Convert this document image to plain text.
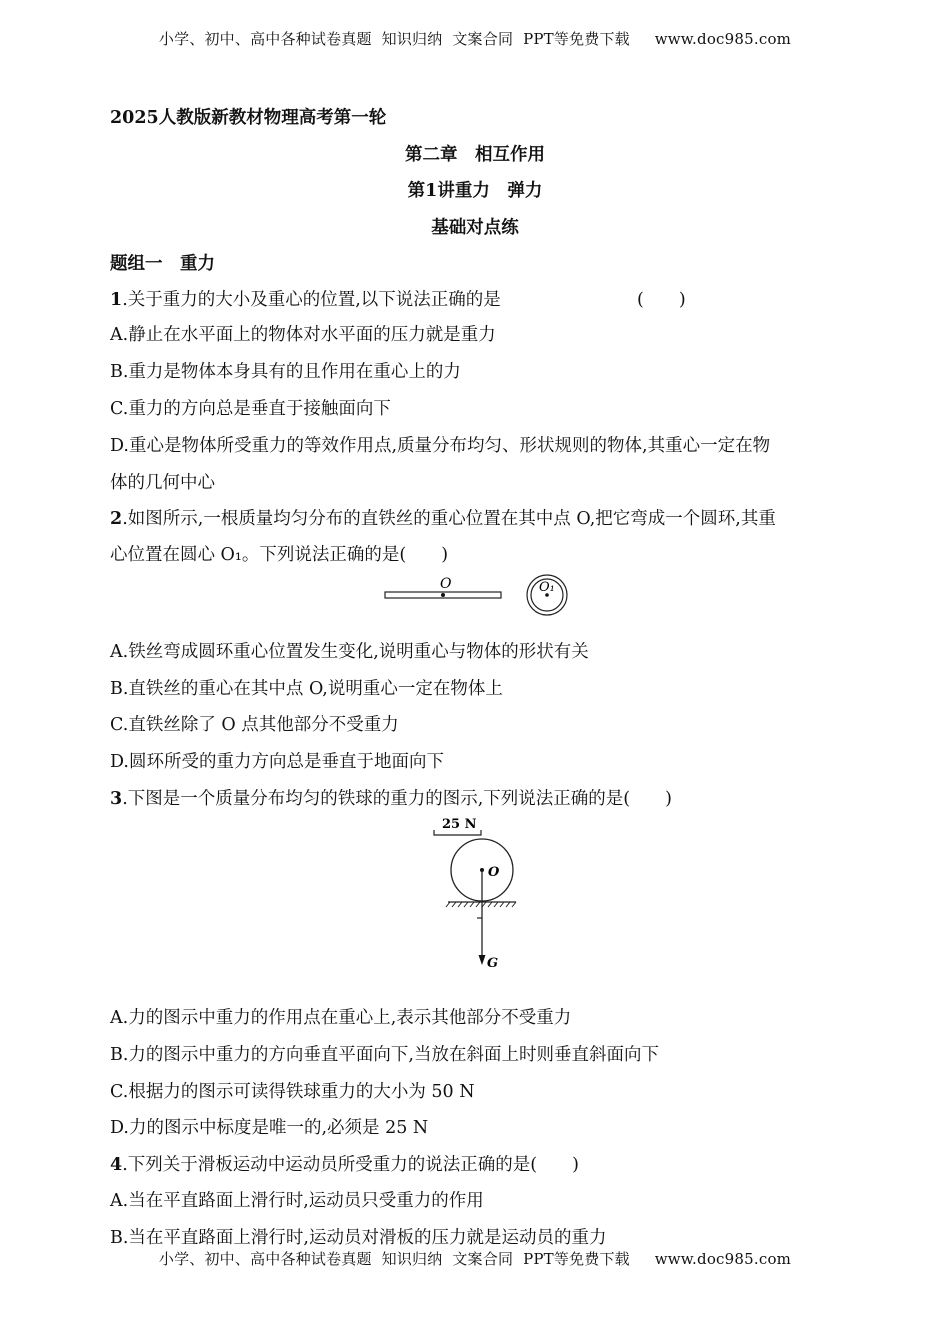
小学、初中、高中各种试卷真题  知识归纳  文案合同  PPT等免费下载     www.doc985.com
2025人教版新教材物理高考第一轮
第二章　相互作用
第1讲重力　弹力
基础对点练
题组一　重力
1.关于重力的大小及重心的位置,以下说法正确的是	(　　)
A.静止在水平面上的物体对水平面的压力就是重力
B.重力是物体本身具有的且作用在重心上的力
C.重力的方向总是垂直于接触面向下
D.重心是物体所受重力的等效作用点,质量分布均匀、形状规则的物体,其重心一定在物
体的几何中心
2.如图所示,一根质量均匀分布的直铁丝的重心位置在其中点 O,把它弯成一个圆环,其重
心位置在圆心 O₁。下列说法正确的是(　　)
O	O₁
A.铁丝弯成圆环重心位置发生变化,说明重心与物体的形状有关
B.直铁丝的重心在其中点 O,说明重心一定在物体上
C.直铁丝除了 O 点其他部分不受重力
D.圆环所受的重力方向总是垂直于地面向下
3.下图是一个质量分布均匀的铁球的重力的图示,下列说法正确的是(　　)
25 N
O
G
A.力的图示中重力的作用点在重心上,表示其他部分不受重力
B.力的图示中重力的方向垂直平面向下,当放在斜面上时则垂直斜面向下
C.根据力的图示可读得铁球重力的大小为 50 N
D.力的图示中标度是唯一的,必须是 25 N
4.下列关于滑板运动中运动员所受重力的说法正确的是(　　)
A.当在平直路面上滑行时,运动员只受重力的作用
B.当在平直路面上滑行时,运动员对滑板的压力就是运动员的重力
小学、初中、高中各种试卷真题  知识归纳  文案合同  PPT等免费下载     www.doc985.com
